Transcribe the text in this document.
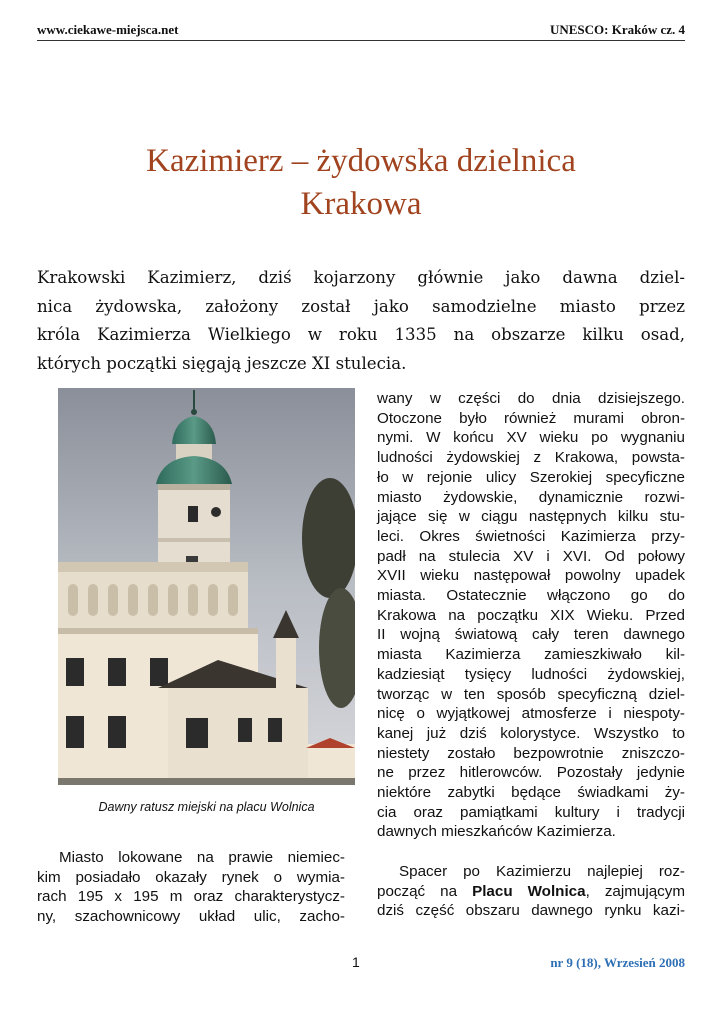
www.ciekawe-miejsca.net	UNESCO: Kraków cz. 4
Kazimierz – żydowska dzielnica
Krakowa
Krakowski Kazimierz, dziś kojarzony głównie jako dawna dziel-
nica żydowska, założony został jako samodzielne miasto przez
króla Kazimierza Wielkiego w roku 1335 na obszarze kilku osad,
których początki sięgają jeszcze XI stulecia.
Dawny ratusz miejski na placu Wolnica
Miasto lokowane na prawie niemiec-
kim posiadało okazały rynek o wymia-
rach 195 x 195 m oraz charakterystycz-
ny, szachownicowy układ ulic, zacho-
wany w części do dnia dzisiejszego.
Otoczone było również murami obron-
nymi. W końcu XV wieku po wygnaniu
ludności żydowskiej z Krakowa, powsta-
ło w rejonie ulicy Szerokiej specyficzne
miasto żydowskie, dynamicznie rozwi-
jające się w ciągu następnych kilku stu-
leci. Okres świetności Kazimierza przy-
padł na stulecia XV i XVI. Od połowy
XVII wieku następował powolny upadek
miasta. Ostatecznie włączono go do
Krakowa na początku XIX Wieku. Przed
II wojną światową cały teren dawnego
miasta Kazimierza zamieszkiwało kil-
kadziesiąt tysięcy ludności żydowskiej,
tworząc w ten sposób specyficzną dziel-
nicę o wyjątkowej atmosferze i niespoty-
kanej już dziś kolorystyce. Wszystko to
niestety zostało bezpowrotnie zniszczo-
ne przez hitlerowców. Pozostały jedynie
niektóre zabytki będące świadkami ży-
cia oraz pamiątkami kultury i tradycji
dawnych mieszkańców Kazimierza.
Spacer po Kazimierzu najlepiej roz-
począć na Placu Wolnica, zajmującym
dziś część obszaru dawnego rynku kazi-
1	nr 9 (18), Wrzesień 2008
